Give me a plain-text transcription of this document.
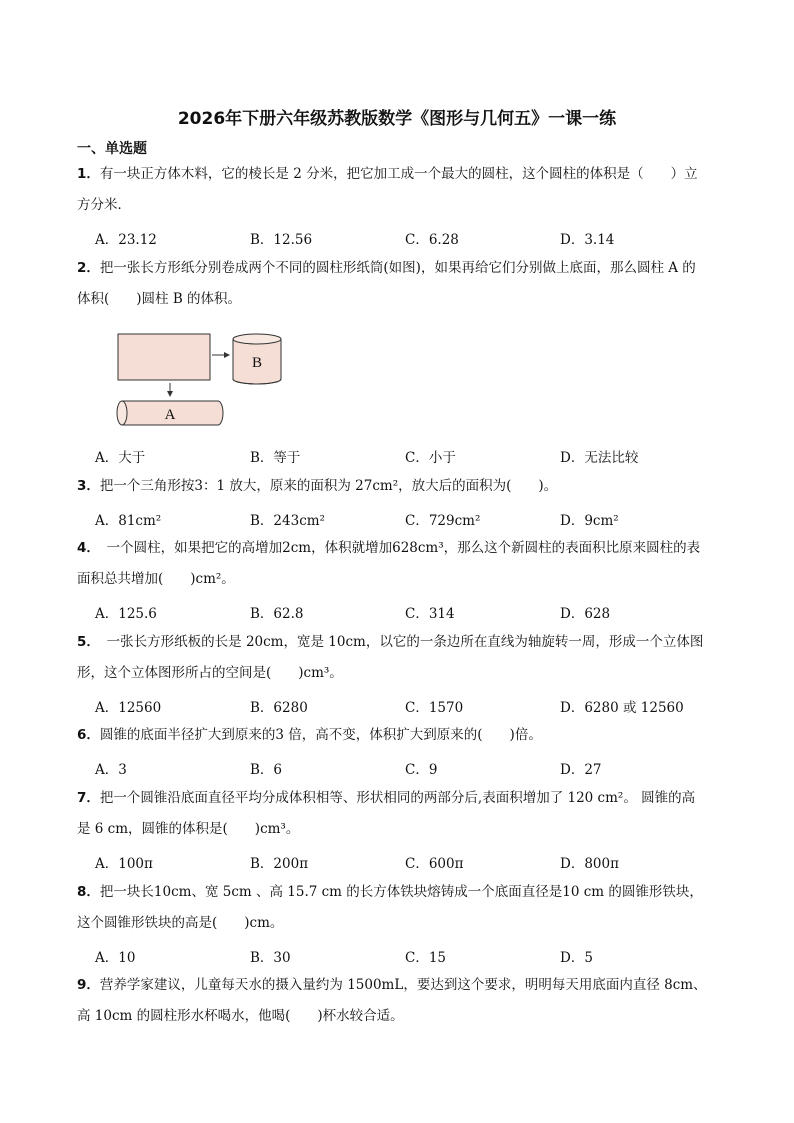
2026年下册六年级苏教版数学《图形与几何五》一课一练
一、单选题
1．有一块正方体木料，它的棱长是 2 分米，把它加工成一个最大的圆柱，这个圆柱的体积是（　　）立方分米．
A．23.12	B．12.56	C．6.28	D．3.14
2．把一张长方形纸分别卷成两个不同的圆柱形纸筒(如图)，如果再给它们分别做上底面，那么圆柱 A 的体积(　　)圆柱 B 的体积。
B
A
A．大于	B．等于	C．小于	D．无法比较
3．把一个三角形按3：1 放大，原来的面积为 27cm²，放大后的面积为(　　)。
A．81cm²	B．243cm²	C．729cm²	D．9cm²
4．　一个圆柱，如果把它的高增加2cm，体积就增加628cm³，那么这个新圆柱的表面积比原来圆柱的表面积总共增加(　　)cm²。
A．125.6	B．62.8	C．314	D．628
5．　一张长方形纸板的长是 20cm，宽是 10cm，以它的一条边所在直线为轴旋转一周，形成一个立体图形，这个立体图形所占的空间是(　　)cm³。
A．12560	B．6280	C．1570	D．6280 或 12560
6．圆锥的底面半径扩大到原来的3 倍，高不变，体积扩大到原来的(　　)倍。
A．3	B．6	C．9	D．27
7．把一个圆锥沿底面直径平均分成体积相等、形状相同的两部分后,表面积增加了 120 cm²。 圆锥的高是 6 cm，圆锥的体积是(　　)cm³。
A．100π	B．200π	C．600π	D．800π
8．把一块长10cm、宽 5cm 、高 15.7 cm 的长方体铁块熔铸成一个底面直径是10 cm 的圆锥形铁块，这个圆锥形铁块的高是(　　)cm。
A．10	B．30	C．15	D．5
9．营养学家建议，儿童每天水的摄入量约为 1500mL，要达到这个要求，明明每天用底面内直径 8cm、高 10cm 的圆柱形水杯喝水，他喝(　　)杯水较合适。
